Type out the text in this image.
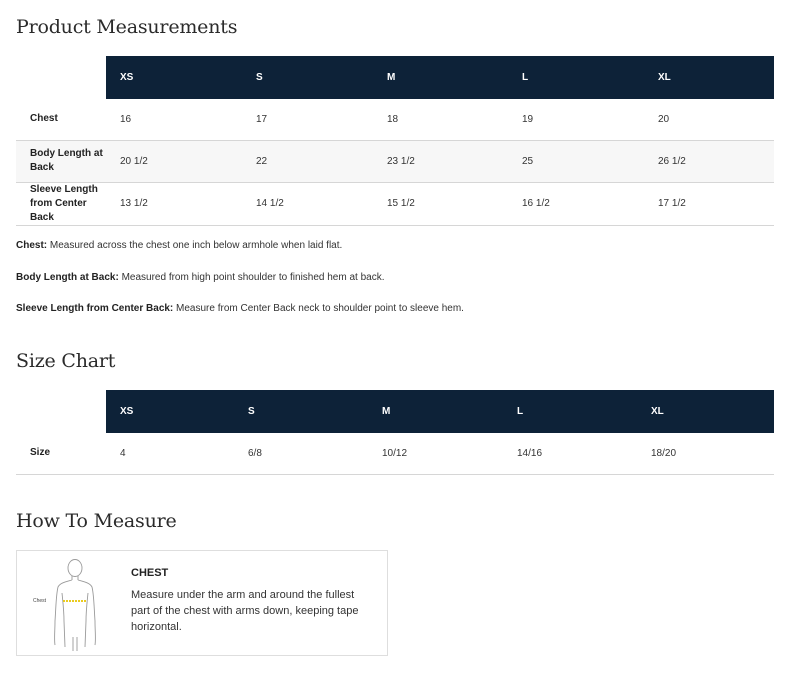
Product Measurements
	XS	S	M	L	XL
Chest	16	17	18	19	20
Body Length at Back	20 1/2	22	23 1/2	25	26 1/2
Sleeve Length from Center Back	13 1/2	14 1/2	15 1/2	16 1/2	17 1/2

Chest: Measured across the chest one inch below armhole when laid flat.

Body Length at Back: Measured from high point shoulder to finished hem at back.

Sleeve Length from Center Back: Measure from Center Back neck to shoulder point to sleeve hem.

Size Chart
	XS	S	M	L	XL
Size	4	6/8	10/12	14/16	18/20
How To Measure
Chest

CHEST

Measure under the arm and around the fullest part of the chest with arms down, keeping tape horizontal.
